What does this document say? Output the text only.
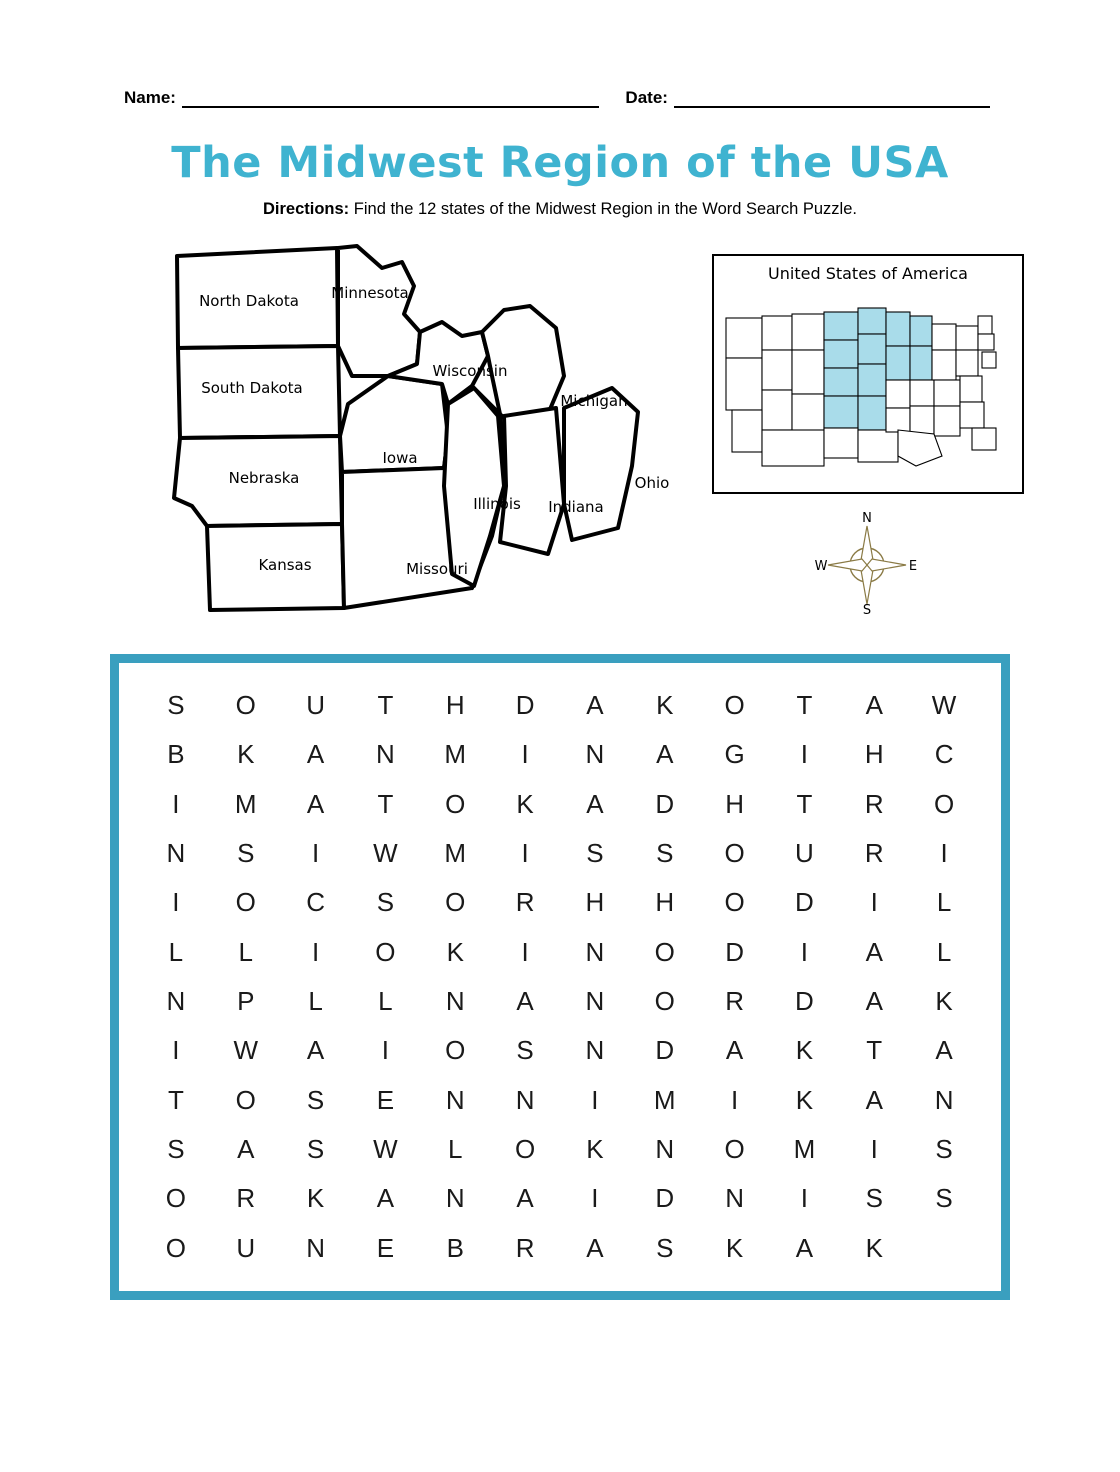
Name:	Date:
The Midwest Region of the USA
Directions: Find the 12 states of the Midwest Region in the Word Search Puzzle.
North Dakota Minnesota
South Dakota
Wisconsin
Michigan
Nebraska
Iowa
Illinois Indiana
Ohio
Kansas	Missouri
United States of America
N
S
W	E
S	O	U	T	H	D	A	K	O	T	A	W
B	K	A	N	M	I	N	A	G	I	H	C
I	M	A	T	O	K	A	D	H	T	R	O
N	S	I	W	M	I	S	S	O	U	R	I
I	O	C	S	O	R	H	H	O	D	I	L
L	L	I	O	K	I	N	O	D	I	A	L
N	P	L	L	N	A	N	O	R	D	A	K
I	W	A	I	O	S	N	D	A	K	T	A
T	O	S	E	N	N	I	M	I	K	A	N
S	A	S	W	L	O	K	N	O	M	I	S
O	R	K	A	N	A	I	D	N	I	S	S
O	U	N	E	B	R	A	S	K	A	K
